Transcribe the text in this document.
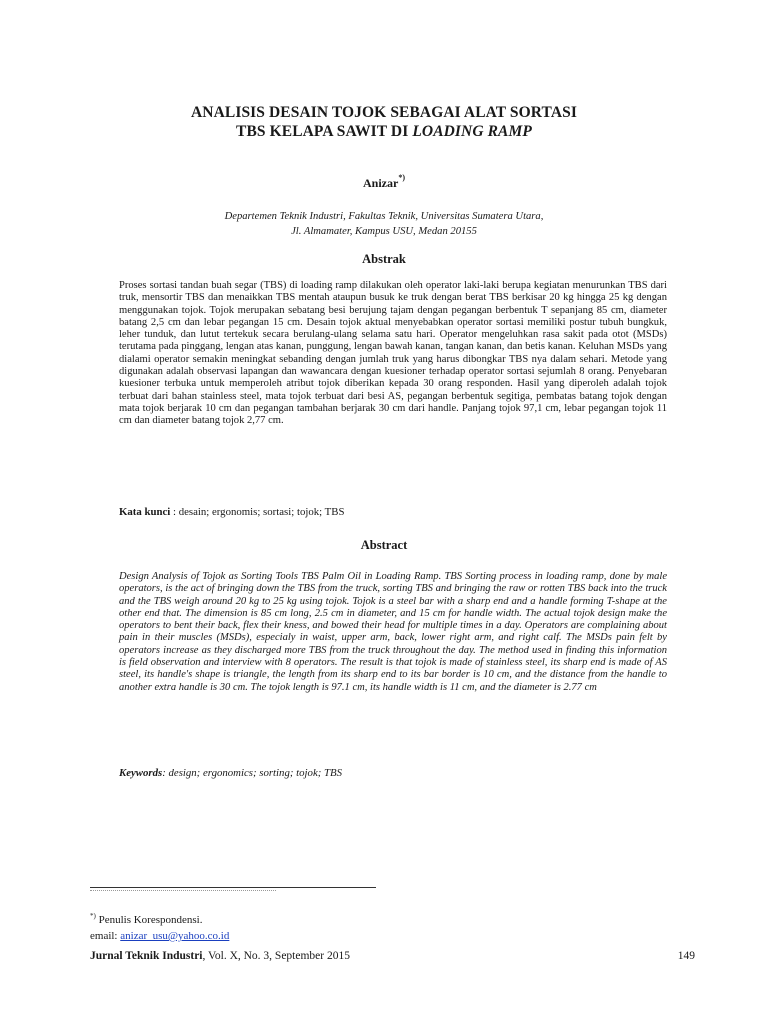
ANALISIS DESAIN TOJOK SEBAGAI ALAT SORTASI
TBS KELAPA SAWIT DI LOADING RAMP
Anizar*)
Departemen Teknik Industri, Fakultas Teknik, Universitas Sumatera Utara,
Jl. Almamater, Kampus USU, Medan 20155
Abstrak
Proses sortasi tandan buah segar (TBS) di loading ramp dilakukan oleh operator laki-laki berupa kegiatan menurunkan TBS dari truk, mensortir TBS dan menaikkan TBS mentah ataupun busuk ke truk dengan berat TBS berkisar 20 kg hingga 25 kg dengan menggunakan tojok. Tojok merupakan sebatang besi berujung tajam dengan pegangan berbentuk T sepanjang 85 cm, diameter batang 2,5 cm dan lebar pegangan 15 cm. Desain tojok aktual menyebabkan operator sortasi memiliki postur tubuh bungkuk, leher tunduk, dan lutut tertekuk secara berulang-ulang selama satu hari. Operator mengeluhkan rasa sakit pada otot (MSDs) terutama pada pinggang, lengan atas kanan, punggung, lengan bawah kanan, tangan kanan, dan betis kanan. Keluhan MSDs yang dialami operator semakin meningkat sebanding dengan jumlah truk yang harus dibongkar TBS nya dalam sehari. Metode yang digunakan adalah observasi lapangan dan wawancara dengan kuesioner terhadap operator sortasi sejumlah 8 orang. Penyebaran kuesioner terbuka untuk memperoleh atribut tojok diberikan kepada 30 orang responden. Hasil yang diperoleh adalah tojok terbuat dari bahan stainless steel, mata tojok terbuat dari besi AS, pegangan berbentuk segitiga, pembatas batang tojok dengan mata tojok berjarak 10 cm dan pegangan tambahan berjarak 30 cm dari handle. Panjang tojok 97,1 cm, lebar pegangan tojok 11 cm dan diameter batang tojok 2,77 cm.
Kata kunci : desain; ergonomis; sortasi; tojok; TBS
Abstract
Design Analysis of Tojok as Sorting Tools TBS Palm Oil in Loading Ramp. TBS Sorting process in loading ramp, done by male operators, is the act of bringing down the TBS from the truck, sorting TBS and bringing the raw or rotten TBS back into the truck and the TBS weigh around 20 kg to 25 kg using tojok. Tojok is a steel bar with a sharp end and a handle forming T-shape at the other end that. The dimension is 85 cm long, 2.5 cm in diameter, and 15 cm for handle width. The actual tojok design make the operators to bent their back, flex their kness, and bowed their head for multiple times in a day. Operators are complaining about pain in their muscles (MSDs), especialy in waist, upper arm, back, lower right arm, and right calf. The MSDs pain felt by operators increase as they discharged more TBS from the truck throughout the day. The method used in finding this information is field observation and interview with 8 operators. The result is that tojok is made of stainless steel, its sharp end is made of AS steel, its handle's shape is triangle, the length from its sharp end to its bar border is 10 cm, and the distance from the handle to another extra handle is 30 cm. The tojok length is 97.1 cm, its handle width is 11 cm, and the diameter is 2.77 cm
Keywords: design; ergonomics; sorting; tojok; TBS
*) Penulis Korespondensi.
email: anizar_usu@yahoo.co.id
Jurnal Teknik Industri, Vol. X, No. 3, September 2015	149
